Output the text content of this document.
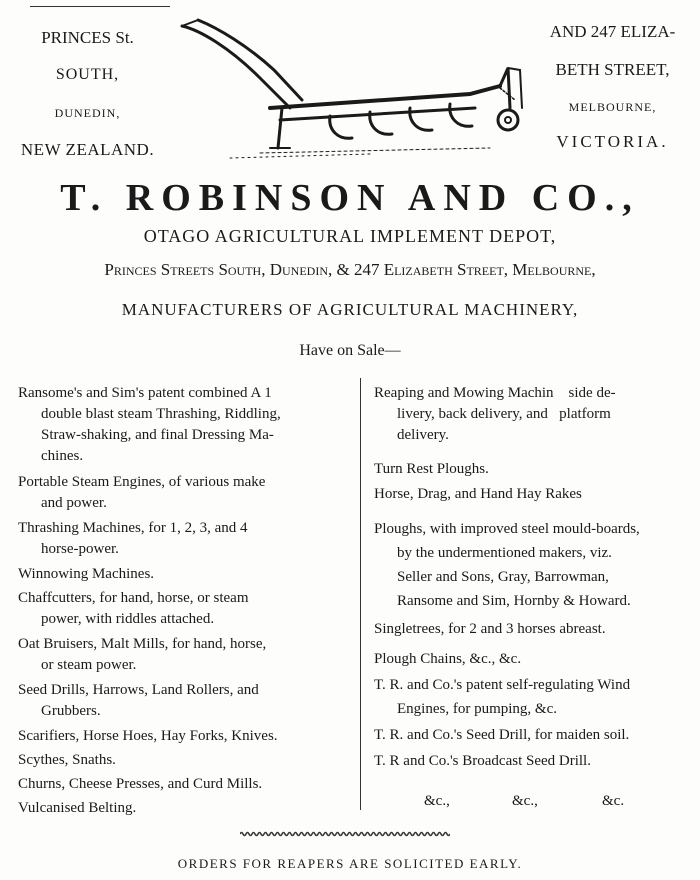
PRINCES St.
SOUTH,
DUNEDIN,
NEW ZEALAND.
AND 247 ELIZA-
BETH STREET,
MELBOURNE,
VICTORIA.
T. ROBINSON AND CO.,
OTAGO AGRICULTURAL IMPLEMENT DEPOT,
Princes Streets South, Dunedin, & 247 Elizabeth Street, Melbourne,
MANUFACTURERS OF AGRICULTURAL MACHINERY,
Have on Sale—
Ransome's and Sim's patent combined A 1
double blast steam Thrashing, Riddling,
Straw-shaking, and final Dressing Ma-
chines.
Portable Steam Engines, of various make
and power.
Thrashing Machines, for 1, 2, 3, and 4
horse-power.
Winnowing Machines.
Chaffcutters, for hand, horse, or steam
power, with riddles attached.
Oat Bruisers, Malt Mills, for hand, horse,
or steam power.
Seed Drills, Harrows, Land Rollers, and
Grubbers.
Scarifiers, Horse Hoes, Hay Forks, Knives.
Scythes, Snaths.
Churns, Cheese Presses, and Curd Mills.
Vulcanised Belting.
Reaping and Mowing Machin    side de-
livery, back delivery, and   platform
delivery.
Turn Rest Ploughs.
Horse, Drag, and Hand Hay Rakes
Ploughs, with improved steel mould-boards,
by the undermentioned makers, viz.
Seller and Sons, Gray, Barrowman,
Ransome and Sim, Hornby & Howard.
Singletrees, for 2 and 3 horses abreast.
Plough Chains, &c., &c.
T. R. and Co.'s patent self-regulating Wind
Engines, for pumping, &c.
T. R. and Co.'s Seed Drill, for maiden soil.
T. R and Co.'s Broadcast Seed Drill.
&c.,	&c.,	&c.
ORDERS FOR REAPERS ARE SOLICITED EARLY.
